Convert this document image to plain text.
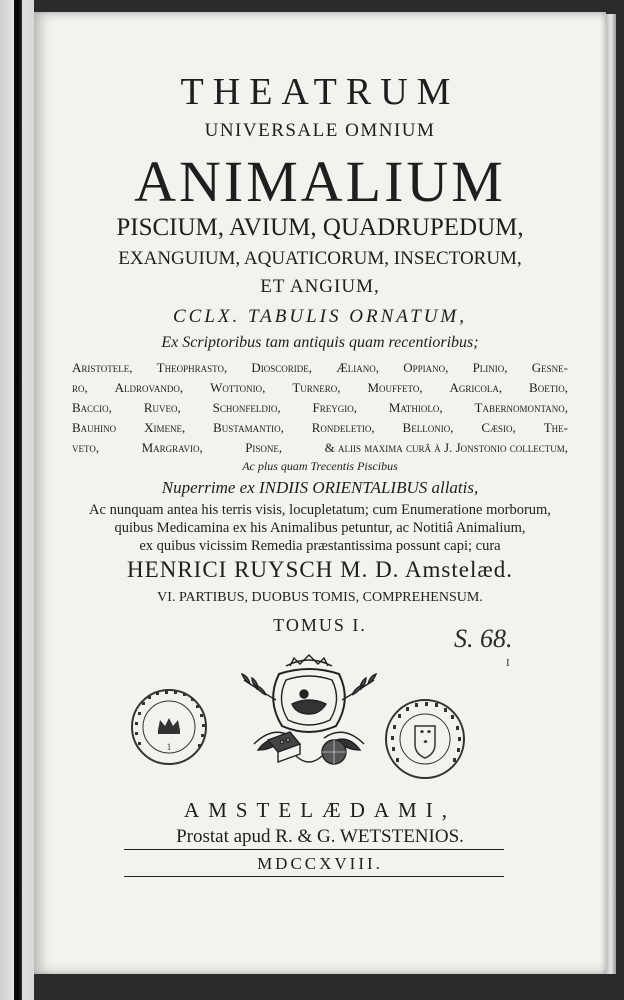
THEATRUM
UNIVERSALE OMNIUM
ANIMALIUM
PISCIUM, AVIUM, QUADRUPEDUM,
EXANGUIUM, AQUATICORUM, INSECTORUM,
ET ANGIUM,
CCLX. TABULIS ORNATUM,
Ex Scriptoribus tam antiquis quam recentioribus;
Aristotele, Theophrasto, Dioscoride, Æliano, Oppiano, Plinio, Gesne-
ro, Aldrovando, Wottonio, Turnero, Mouffeto, Agricola, Boetio,
Baccio, Ruveo, Schonfeldio, Freygio, Mathiolo, Tabernomontano,
Bauhino Ximene, Bustamantio, Rondeletio, Bellonio, Cæsio, The-
veto,	Margravio,	Pisone,	& aliis maxima curâ à J. Jonstonio collectum,
Ac plus quam Trecentis Piscibus
Nuperrime ex INDIIS ORIENTALIBUS allatis,
Ac nunquam antea his terris visis, locupletatum; cum Enumeratione morborum,
quibus Medicamina ex his Animalibus petuntur, ac Notitiâ Animalium,
ex quibus vicissim Remedia præstantissima possunt capi; cura
HENRICI RUYSCH M. D. Amstelæd.
VI. PARTIBUS, DUOBUS TOMIS, COMPREHENSUM.
TOMUS I.	S. 68.
I
1
AMSTELÆDAMI,
Prostat apud R. & G. WETSTENIOS.
MDCCXVIII.
